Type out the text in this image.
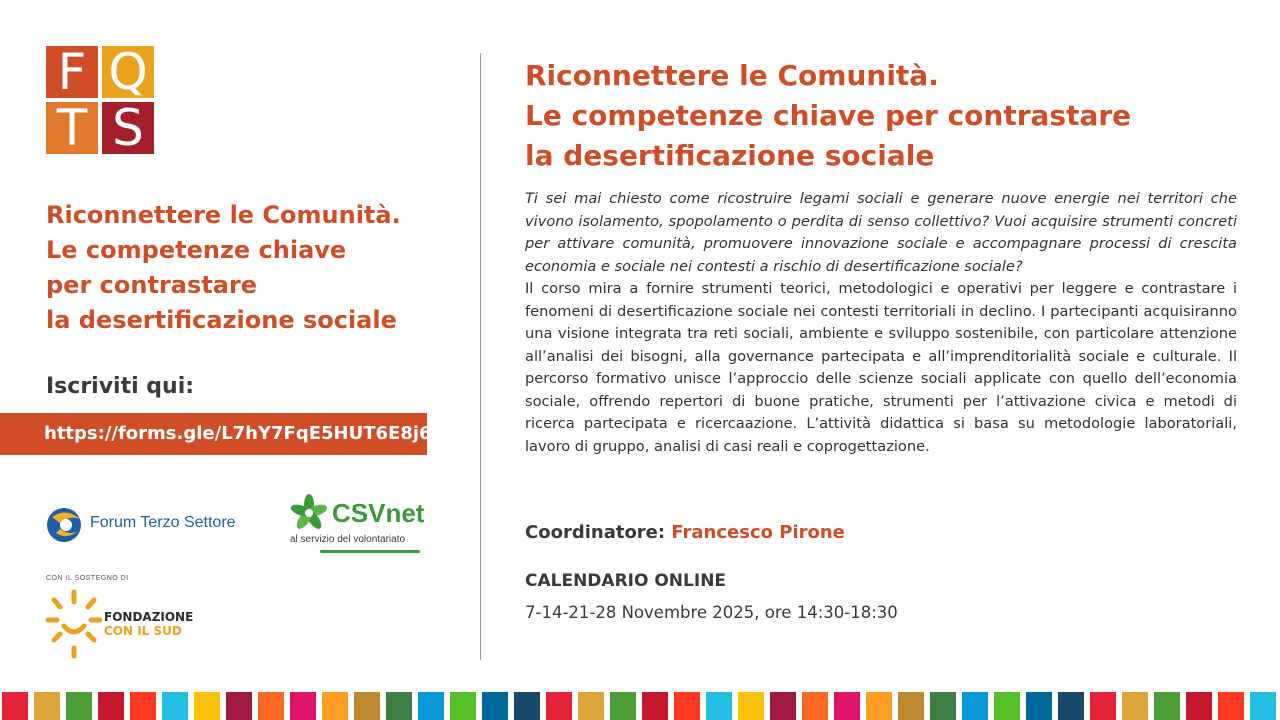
F Q
T S
Riconnettere le Comunità.
Le competenze chiave
per contrastare
la desertificazione sociale
Iscriviti qui:
https://forms.gle/L7hY7FqE5HUT6E8j6
Forum Terzo Settore	CSVnet
al servizio del volontariato
CON IL SOSTEGNO DI
FONDAZIONE
CON IL SUD
Riconnettere le Comunità.
Le competenze chiave per contrastare
la desertificazione sociale
Ti sei mai chiesto come ricostruire legami sociali e generare nuove energie nei territori che vivono isolamento, spopolamento o perdita di senso collettivo? Vuoi acquisire strumenti concreti per attivare comunità, promuovere innovazione sociale e accompagnare processi di crescita economia e sociale nei contesti a rischio di desertificazione sociale?
Il corso mira a fornire strumenti teorici, metodologici e operativi per leggere e contrastare i fenomeni di desertificazione sociale nei contesti territoriali in declino. I partecipanti acquisiranno una visione integrata tra reti sociali, ambiente e sviluppo sostenibile, con particolare attenzione all’analisi dei bisogni, alla governance partecipata e all’imprenditorialità sociale e culturale. Il percorso formativo unisce l’approccio delle scienze sociali applicate con quello dell’economia sociale, offrendo repertori di buone pratiche, strumenti per l’attivazione civica e metodi di ricerca partecipata e ricercaazione. L’attività didattica si basa su metodologie laboratoriali, lavoro di gruppo, analisi di casi reali e coprogettazione.
Coordinatore: Francesco Pirone
CALENDARIO ONLINE
7-14-21-28 Novembre 2025, ore 14:30-18:30
